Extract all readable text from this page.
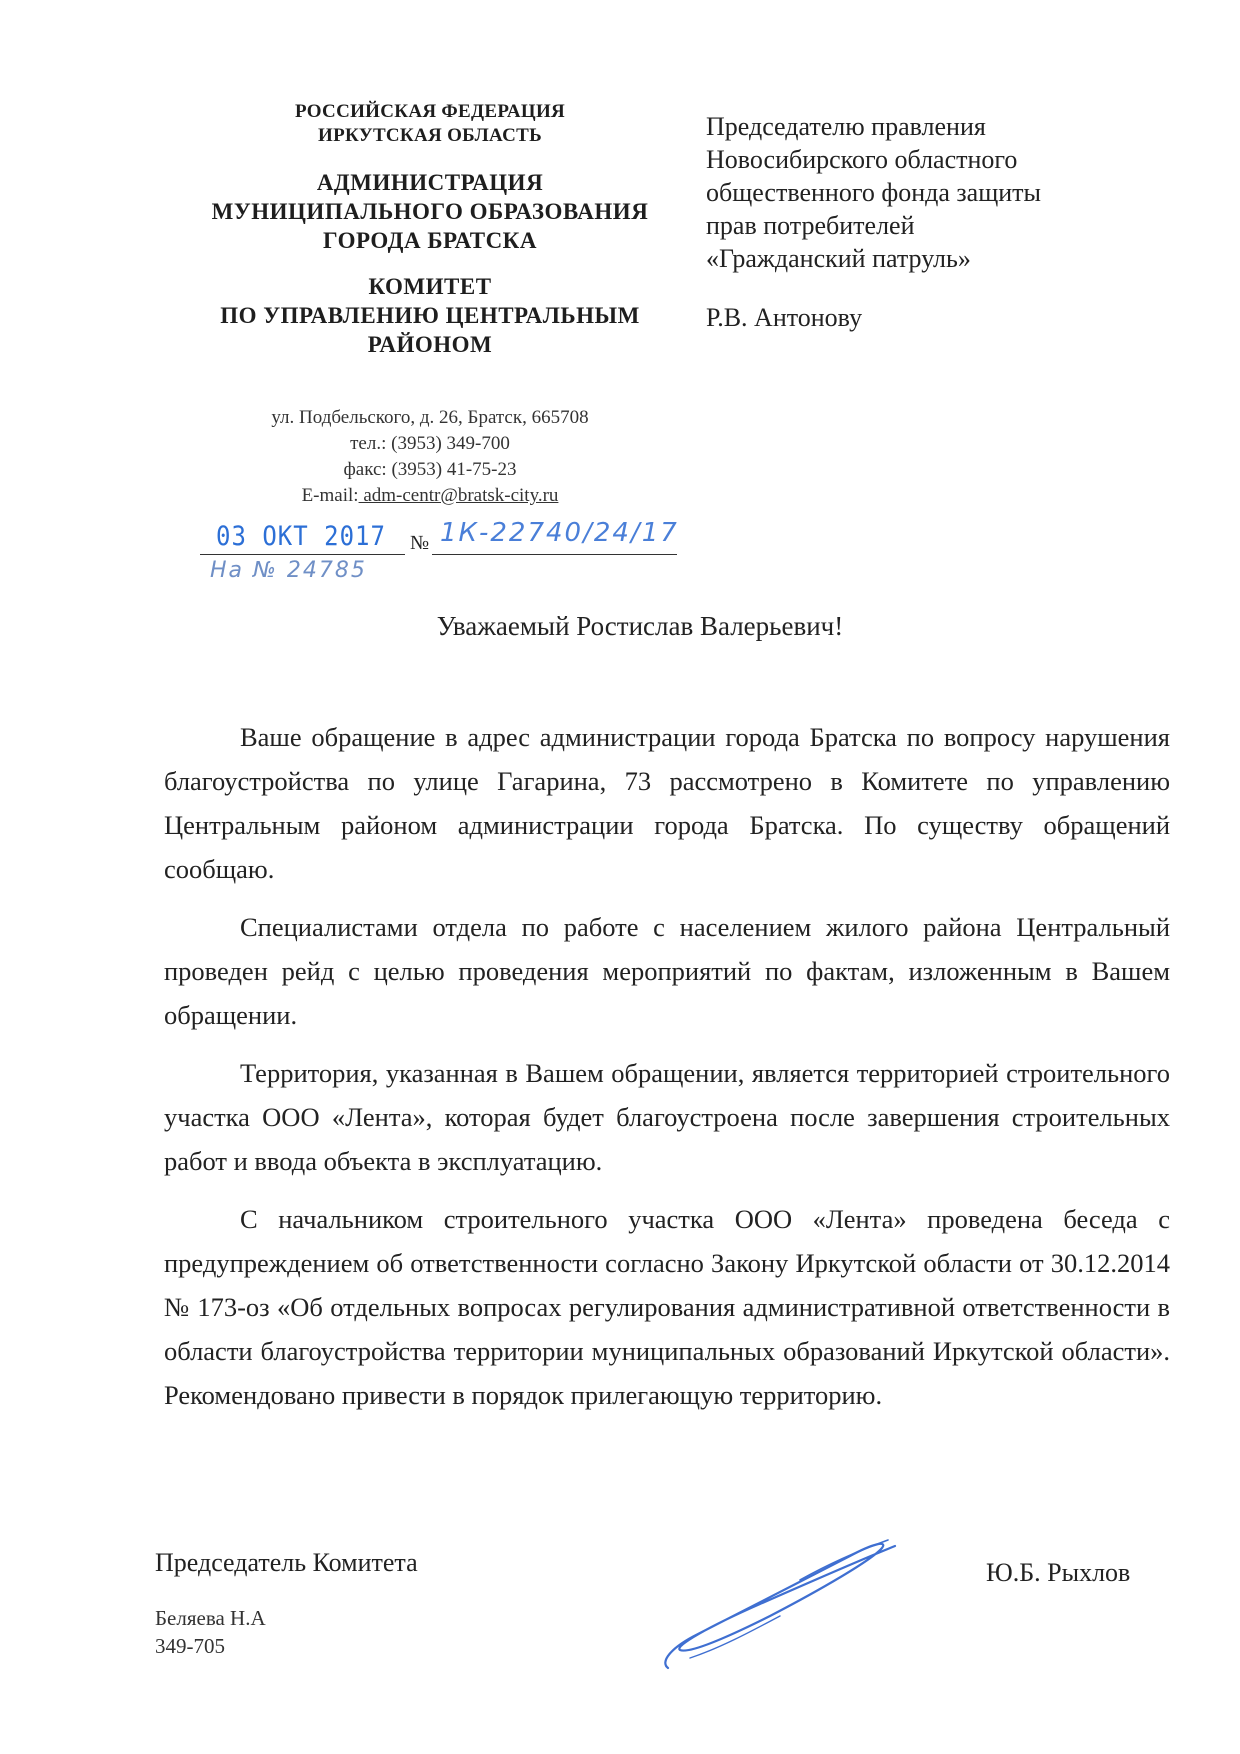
РОССИЙСКАЯ ФЕДЕРАЦИЯ
ИРКУТСКАЯ ОБЛАСТЬ
АДМИНИСТРАЦИЯ
МУНИЦИПАЛЬНОГО ОБРАЗОВАНИЯ
ГОРОДА БРАТСКА
КОМИТЕТ
ПО УПРАВЛЕНИЮ ЦЕНТРАЛЬНЫМ
РАЙОНОМ
ул. Подбельского, д. 26, Братск, 665708
тел.: (3953) 349-700
факс: (3953) 41-75-23
E-mail: adm-centr@bratsk-city.ru
03 ОКТ 2017 № 1К-22740/24/17
На № 24785
Председателю правления
Новосибирского областного
общественного фонда защиты
прав потребителей
«Гражданский патруль»
Р.В. Антонову
Уважаемый Ростислав Валерьевич!

Ваше обращение в адрес администрации города Братска по вопросу нарушения благоустройства по улице Гагарина, 73 рассмотрено в Комитете по управлению Центральным районом администрации города Братска. По существу обращений сообщаю.

Специалистами отдела по работе с населением жилого района Центральный проведен рейд с целью проведения мероприятий по фактам, изложенным в Вашем обращении.

Территория, указанная в Вашем обращении, является территорией строительного участка ООО «Лента», которая будет благоустроена после завершения строительных работ и ввода объекта в эксплуатацию.

С начальником строительного участка ООО «Лента» проведена беседа с предупреждением об ответственности согласно Закону Иркутской области от 30.12.2014 № 173-оз «Об отдельных вопросах регулирования административной ответственности в области благоустройства территории муниципальных образований Иркутской области». Рекомендовано привести в порядок прилегающую территорию.

Председатель Комитета	Ю.Б. Рыхлов
Беляева Н.А
349-705
